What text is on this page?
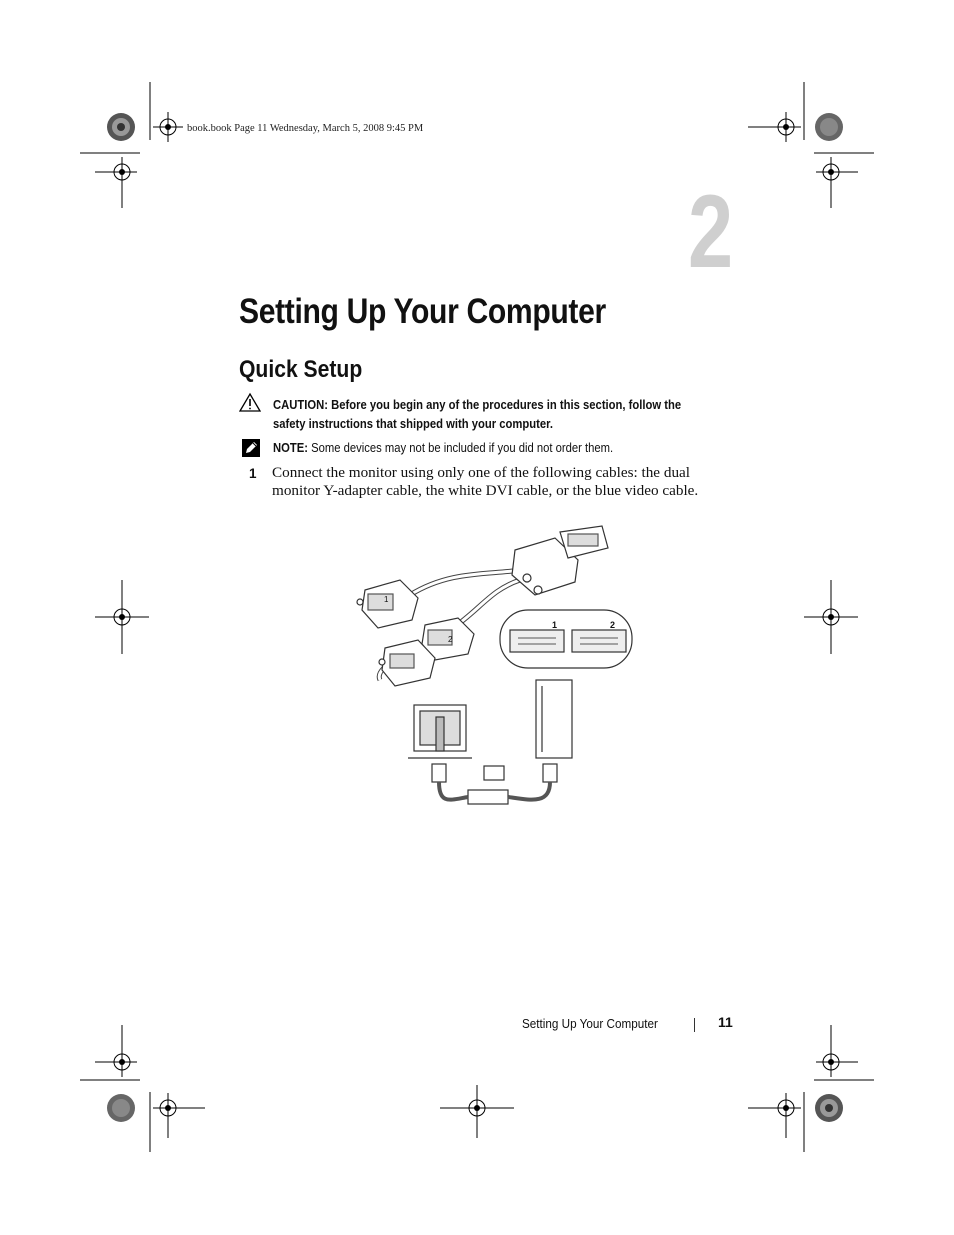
book.book Page 11 Wednesday, March 5, 2008 9:45 PM
2
Setting Up Your Computer
Quick Setup
CAUTION: Before you begin any of the procedures in this section, follow the safety instructions that shipped with your computer.
NOTE: Some devices may not be included if you did not order them.
1 Connect the monitor using only one of the following cables: the dual monitor Y-adapter cable, the white DVI cable, or the blue video cable.
1
2
1	2
Setting Up Your Computer	11
